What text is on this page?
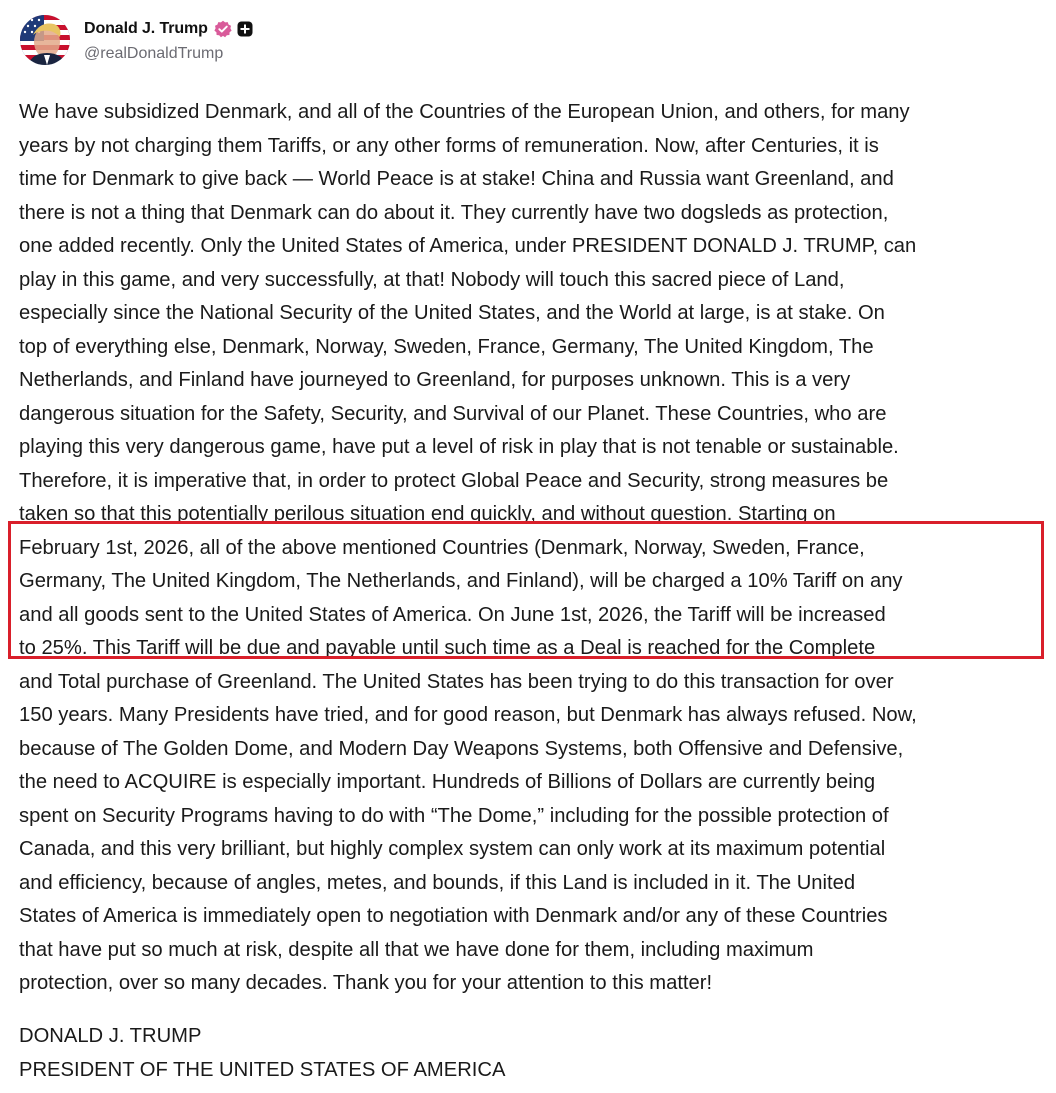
Donald J. Trump
@realDonaldTrump

We have subsidized Denmark, and all of the Countries of the European Union, and others, for many
years by not charging them Tariffs, or any other forms of remuneration. Now, after Centuries, it is
time for Denmark to give back — World Peace is at stake! China and Russia want Greenland, and
there is not a thing that Denmark can do about it. They currently have two dogsleds as protection,
one added recently. Only the United States of America, under PRESIDENT DONALD J. TRUMP, can
play in this game, and very successfully, at that! Nobody will touch this sacred piece of Land,
especially since the National Security of the United States, and the World at large, is at stake. On
top of everything else, Denmark, Norway, Sweden, France, Germany, The United Kingdom, The
Netherlands, and Finland have journeyed to Greenland, for purposes unknown. This is a very
dangerous situation for the Safety, Security, and Survival of our Planet. These Countries, who are
playing this very dangerous game, have put a level of risk in play that is not tenable or sustainable.
Therefore, it is imperative that, in order to protect Global Peace and Security, strong measures be
taken so that this potentially perilous situation end quickly, and without question. Starting on
February 1st, 2026, all of the above mentioned Countries (Denmark, Norway, Sweden, France,
Germany, The United Kingdom, The Netherlands, and Finland), will be charged a 10% Tariff on any
and all goods sent to the United States of America. On June 1st, 2026, the Tariff will be increased
to 25%. This Tariff will be due and payable until such time as a Deal is reached for the Complete
and Total purchase of Greenland. The United States has been trying to do this transaction for over
150 years. Many Presidents have tried, and for good reason, but Denmark has always refused. Now,
because of The Golden Dome, and Modern Day Weapons Systems, both Offensive and Defensive,
the need to ACQUIRE is especially important. Hundreds of Billions of Dollars are currently being
spent on Security Programs having to do with “The Dome,” including for the possible protection of
Canada, and this very brilliant, but highly complex system can only work at its maximum potential
and efficiency, because of angles, metes, and bounds, if this Land is included in it. The United
States of America is immediately open to negotiation with Denmark and/or any of these Countries
that have put so much at risk, despite all that we have done for them, including maximum
protection, over so many decades. Thank you for your attention to this matter!

DONALD J. TRUMP
PRESIDENT OF THE UNITED STATES OF AMERICA
